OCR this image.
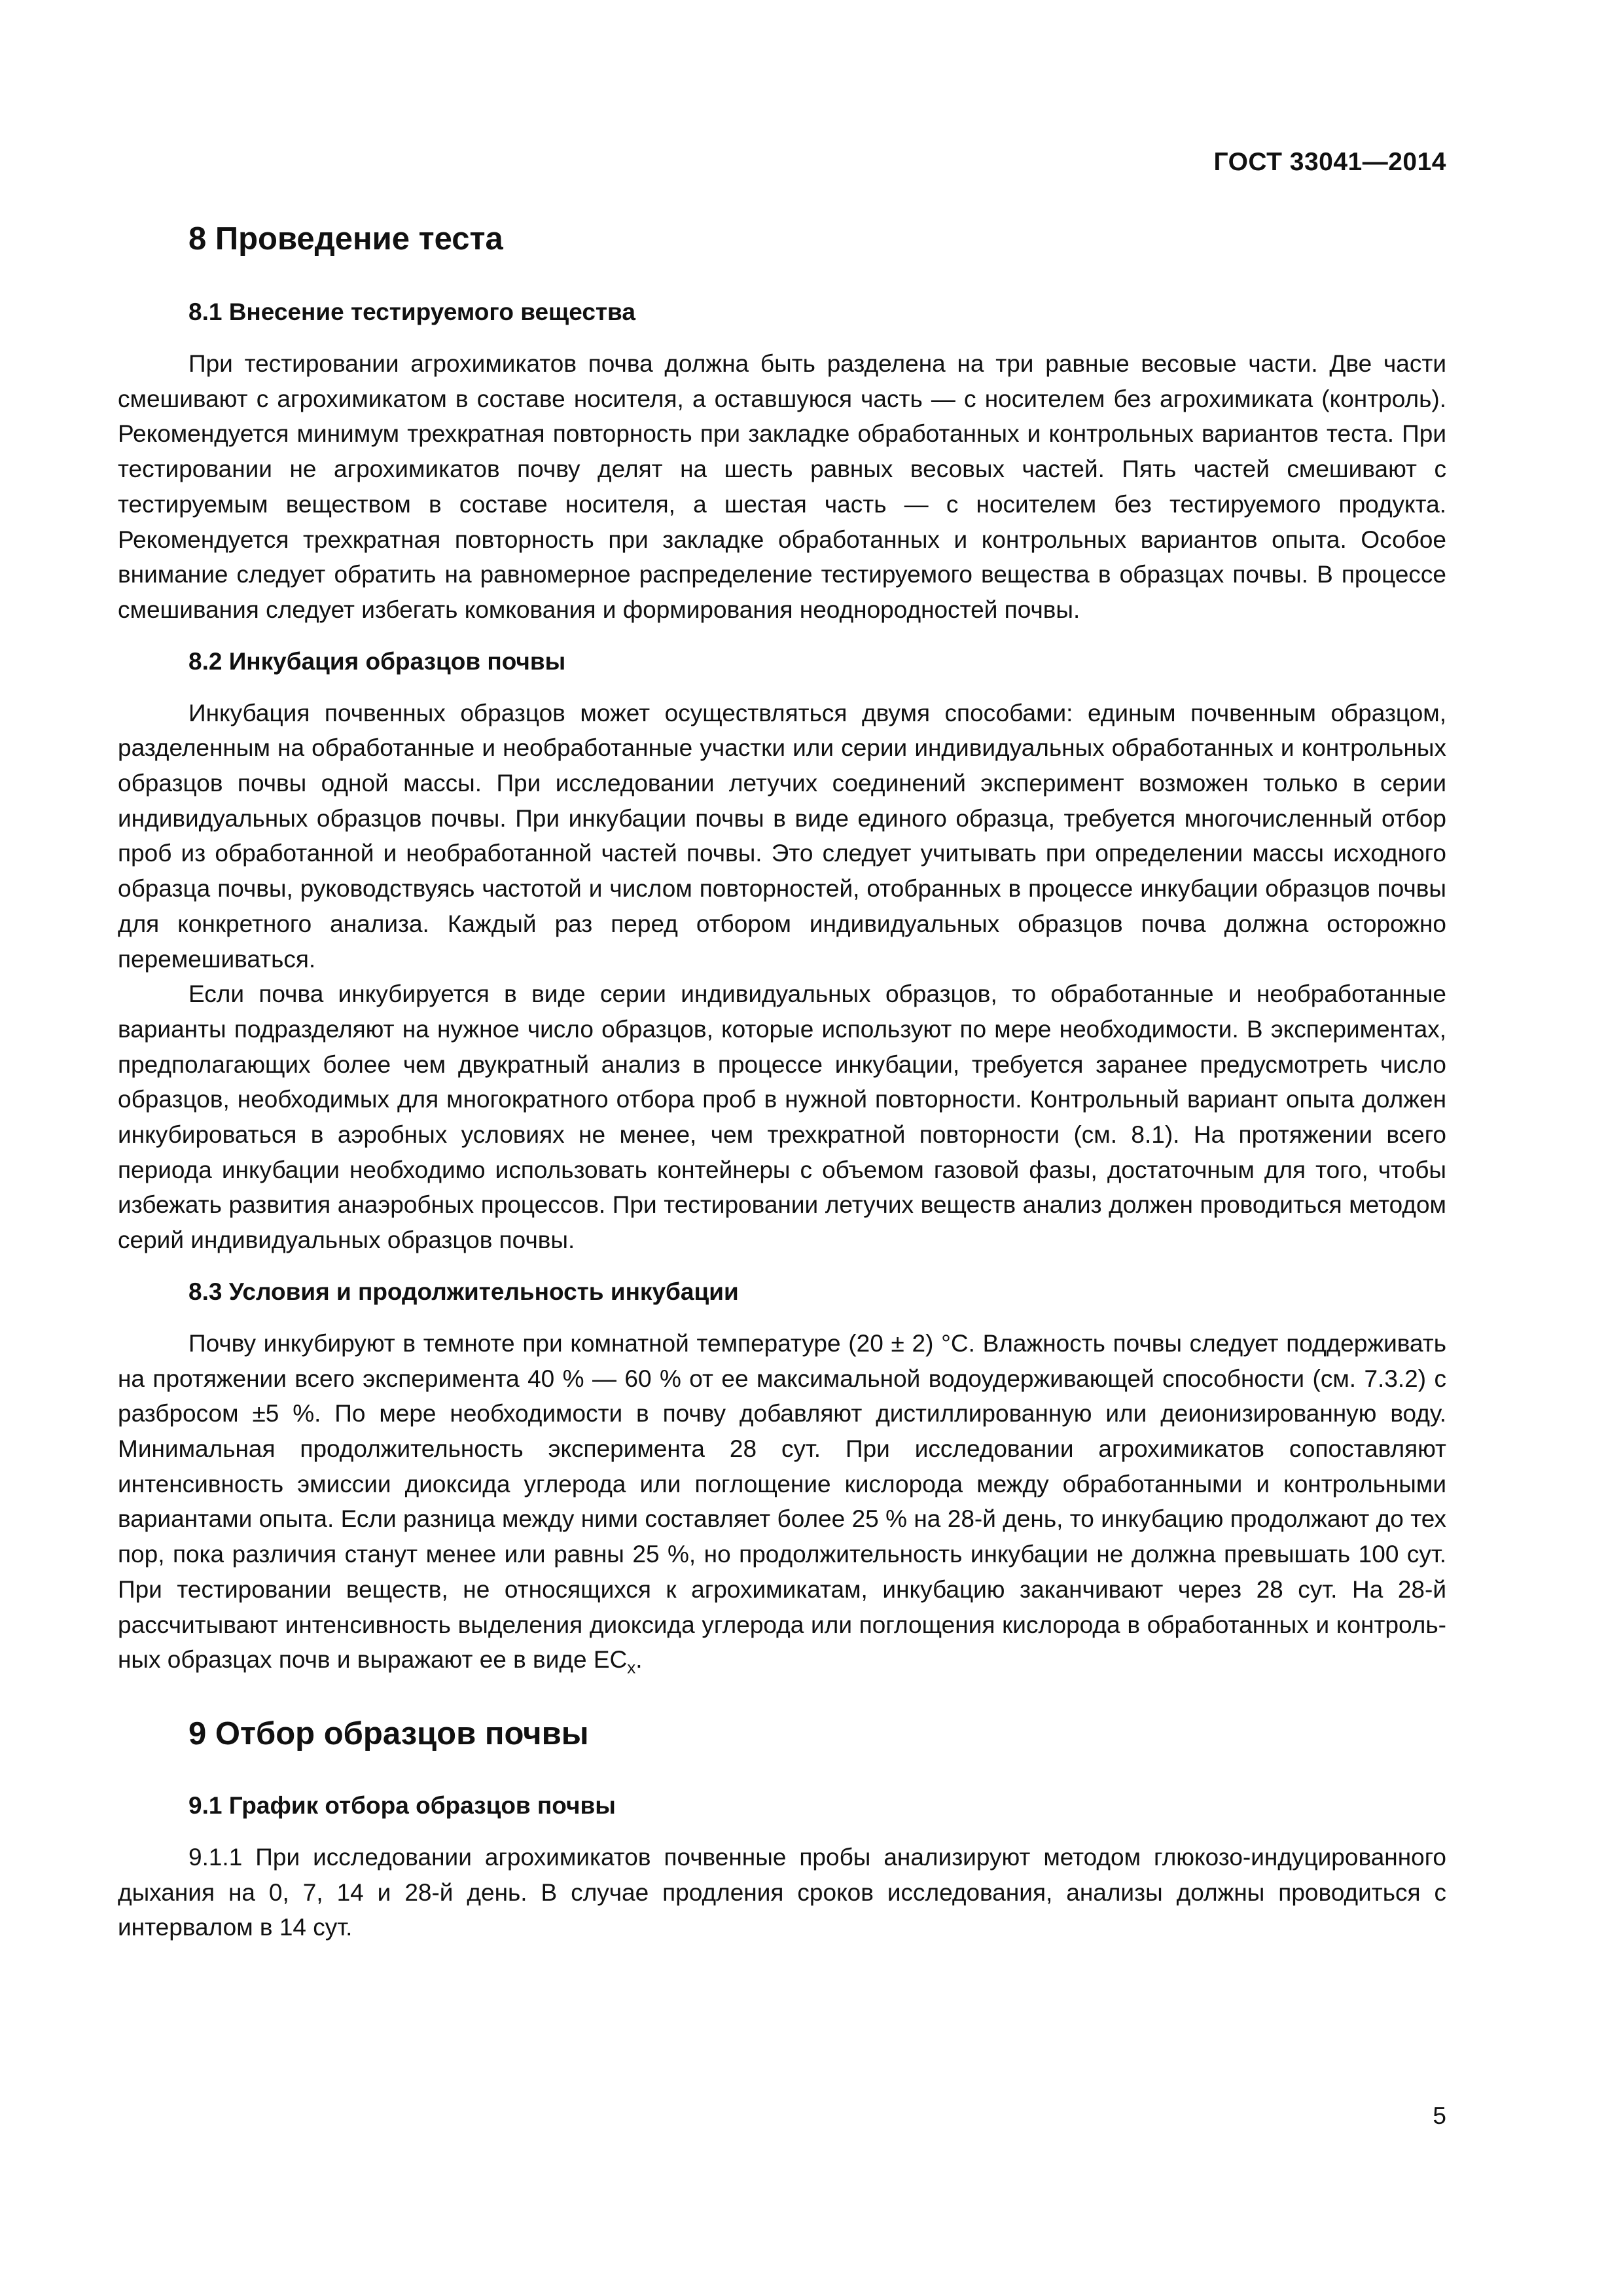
ГОСТ 33041—2014
8 Проведение теста
8.1 Внесение тестируемого вещества

При тестировании агрохимикатов почва должна быть разделена на три равные весовые части. Две части смешивают с агрохимикатом в составе носителя, а оставшуюся часть — с носителем без агрохимиката (контроль). Рекомендуется минимум трехкратная повторность при закладке обработанных и контрольных вариантов теста. При тестировании не агрохимикатов почву делят на шесть равных весовых частей. Пять частей смешивают с тестируемым веществом в составе носителя, а шестая часть — с носителем без тестируемого продукта. Рекомендуется трехкратная повторность при закладке обработанных и контрольных вариантов опыта. Особое внимание следует обратить на равномерное распределение тестируемого вещества в образцах почвы. В процессе смешивания следует избегать комкования и формирования неоднородностей почвы.

8.2 Инкубация образцов почвы

Инкубация почвенных образцов может осуществляться двумя способами: единым почвенным образцом, разделенным на обработанные и необработанные участки или серии индивидуальных обработанных и контрольных образцов почвы одной массы. При исследовании летучих соединений эксперимент возможен только в серии индивидуальных образцов почвы. При инкубации почвы в виде единого образца, требуется многочисленный отбор проб из обработанной и необработанной частей почвы. Это следует учитывать при определении массы исходного образца почвы, руководствуясь частотой и числом повторностей, отобранных в процессе инкубации образцов почвы для конкретного анализа. Каждый раз перед отбором индивидуальных образцов почва должна осторожно перемешиваться.

Если почва инкубируется в виде серии индивидуальных образцов, то обработанные и необработанные варианты подразделяют на нужное число образцов, которые используют по мере необходимости. В экспериментах, предполагающих более чем двукратный анализ в процессе инкубации, требуется заранее предусмотреть число образцов, необходимых для многократного отбора проб в нужной повторности. Контрольный вариант опыта должен инкубироваться в аэробных условиях не менее, чем трехкратной повторности (см. 8.1). На протяжении всего периода инкубации необходимо использовать контейнеры с объемом газовой фазы, достаточным для того, чтобы избежать развития анаэробных процессов. При тестировании летучих веществ анализ должен проводиться методом серий индивидуальных образцов почвы.

8.3 Условия и продолжительность инкубации

Почву инкубируют в темноте при комнатной температуре (20 ± 2) °С. Влажность почвы следует поддерживать на протяжении всего эксперимента 40 % — 60 % от ее максимальной водоудерживающей способности (см. 7.3.2) с разбросом ±5 %. По мере необходимости в почву добавляют дистиллированную или деионизированную воду. Минимальная продолжительность эксперимента 28 сут. При исследовании агрохимикатов сопоставляют интенсивность эмиссии диоксида углерода или поглощение кислорода между обработанными и контрольными вариантами опыта. Если разница между ними составляет более 25 % на 28-й день, то инкубацию продолжают до тех пор, пока различия станут менее или равны 25 %, но продолжительность инкубации не должна превышать 100 сут. При тестировании веществ, не относящихся к агрохимикатам, инкубацию заканчивают через 28 сут. На 28-й рассчитывают интенсивность выделения диоксида углерода или поглощения кислорода в обработанных и контрольных образцах почв и выражают ее в виде $EC_x$.

9 Отбор образцов почвы
9.1 График отбора образцов почвы

9.1.1 При исследовании агрохимикатов почвенные пробы анализируют методом глюкозо-индуцированного дыхания на 0, 7, 14 и 28-й день. В случае продления сроков исследования, анализы должны проводиться с интервалом в 14 сут.

5
